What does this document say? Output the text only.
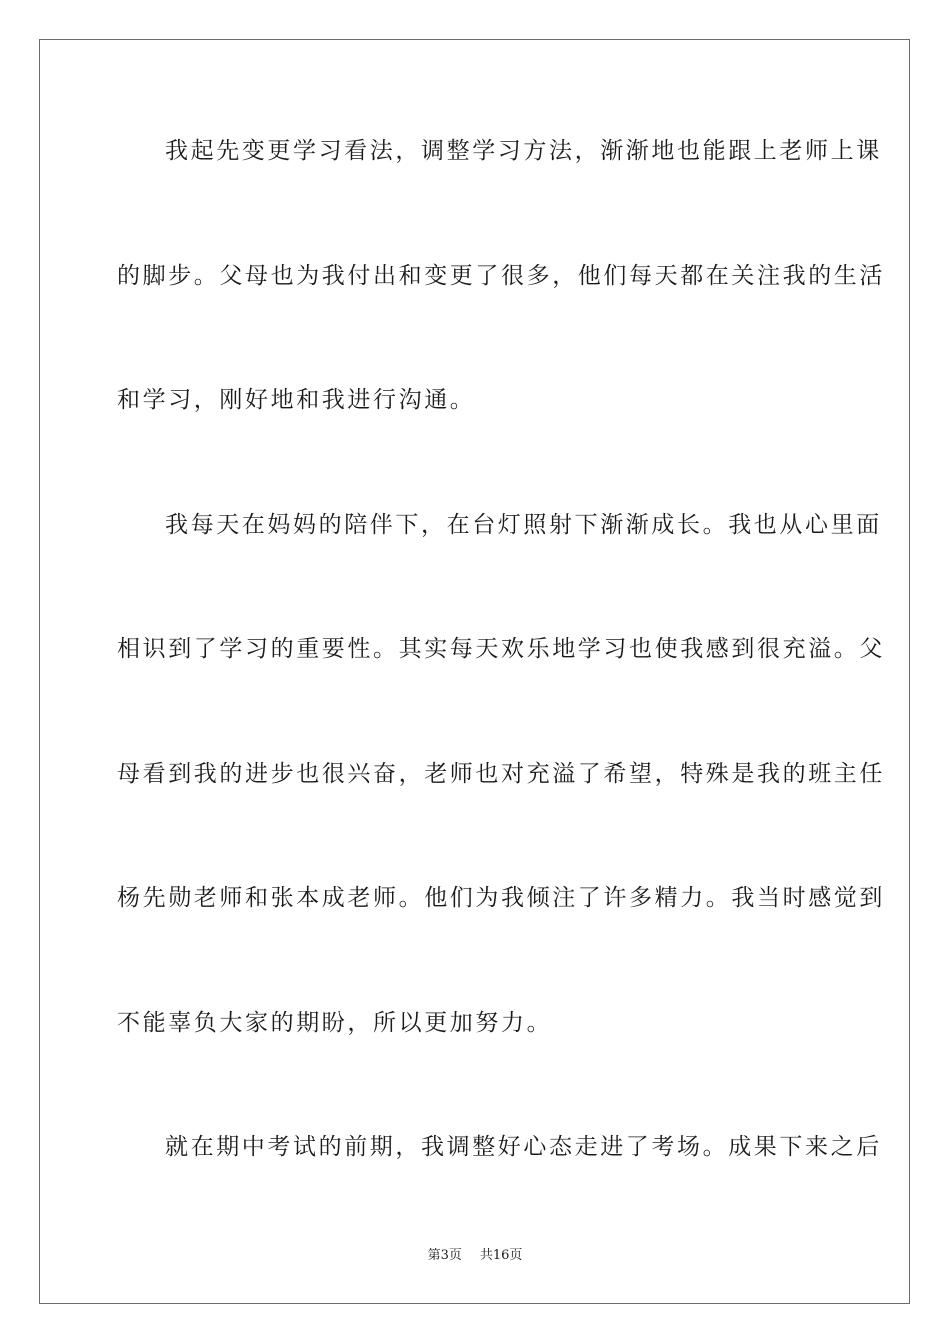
我起先变更学习看法，调整学习方法，渐渐地也能跟上老师上课
的脚步。父母也为我付出和变更了很多，他们每天都在关注我的生活
和学习，刚好地和我进行沟通。
我每天在妈妈的陪伴下，在台灯照射下渐渐成长。我也从心里面
相识到了学习的重要性。其实每天欢乐地学习也使我感到很充溢。父
母看到我的进步也很兴奋，老师也对充溢了希望，特殊是我的班主任
杨先勋老师和张本成老师。他们为我倾注了许多精力。我当时感觉到
不能辜负大家的期盼，所以更加努力。
就在期中考试的前期，我调整好心态走进了考场。成果下来之后
第3页 共16页
